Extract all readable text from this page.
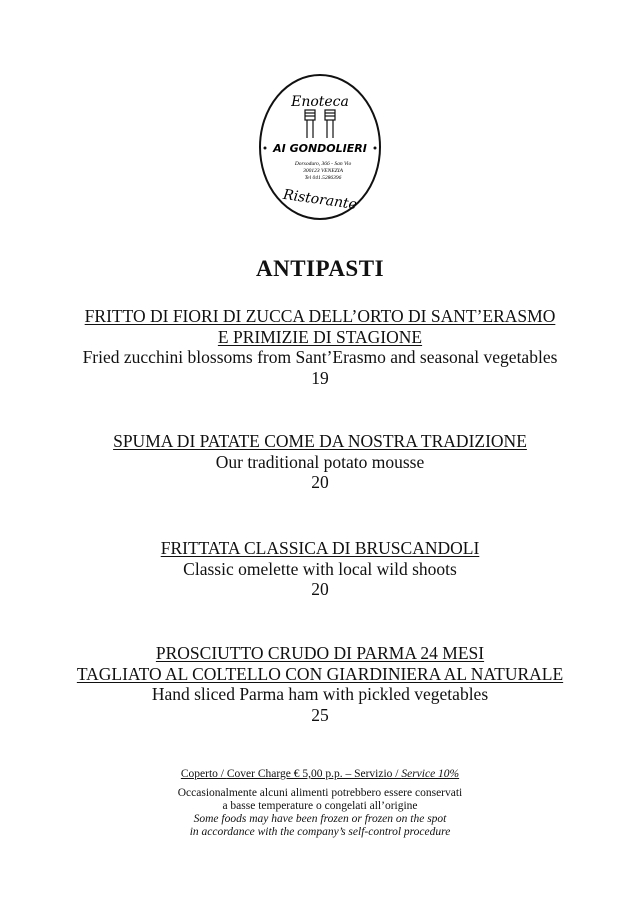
Enoteca
AI GONDOLIERI
Dorsoduro, 366 - San Vio
300123 VENEZIA
Tel 041.5286396
Ristorante
ANTIPASTI
FRITTO DI FIORI DI ZUCCA DELL’ORTO DI SANT’ERASMO
E PRIMIZIE DI STAGIONE
Fried zucchini blossoms from Sant’Erasmo and seasonal vegetables
19
SPUMA DI PATATE COME DA NOSTRA TRADIZIONE
Our traditional potato mousse
20
FRITTATA CLASSICA DI BRUSCANDOLI
Classic omelette with local wild shoots
20
PROSCIUTTO CRUDO DI PARMA 24 MESI
TAGLIATO AL COLTELLO CON GIARDINIERA AL NATURALE
Hand sliced Parma ham with pickled vegetables
25
Coperto / Cover Charge € 5,00 p.p. – Servizio / Service 10%
Occasionalmente alcuni alimenti potrebbero essere conservati
a basse temperature o congelati all’origine
Some foods may have been frozen or frozen on the spot
in accordance with the company’s self-control procedure
